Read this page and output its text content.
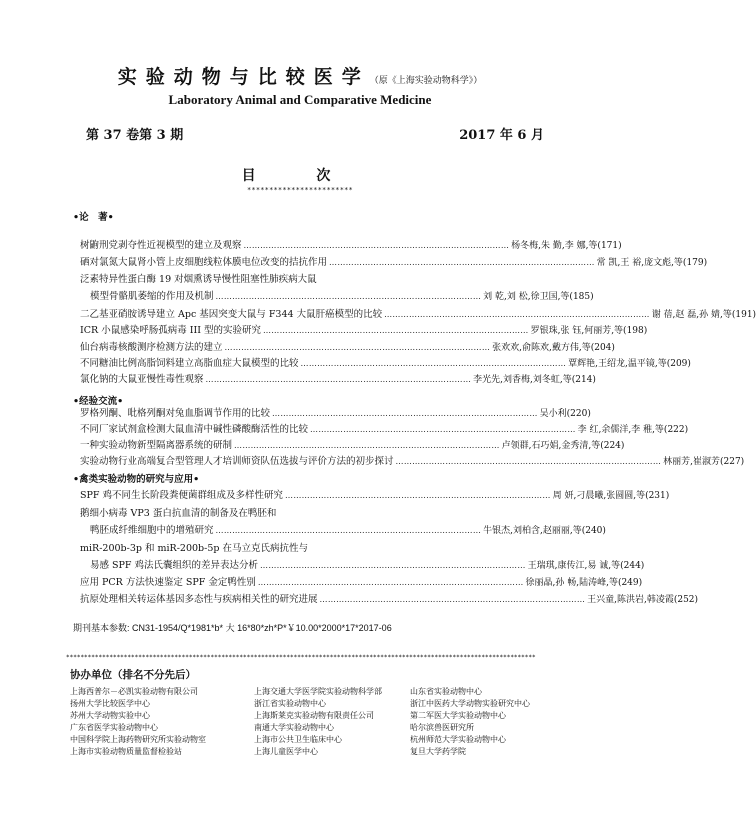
实验动物与比较医学（原《上海实验动物科学》）
Laboratory Animal and Comparative Medicine
第 37 卷第 3 期	2017 年 6 月
目 次
************************
•论　著•
•经验交流•
•禽类实验动物的研究与应用•
树鼩刑党剥夺性近视模型的建立及观察 …………………………………………………………………………………… 杨冬梅,朱 勤,李 娜,等(171)
硒对氯氮大鼠肾小管上皮细胞线粒体膜电位改变的拮抗作用 …………………………………………………………………………………… 常 凯,王 裕,庞文彪,等(179)
泛素特异性蛋白酶 19 对烟熏诱导慢性阻塞性肺疾病大鼠
模型骨骼肌萎缩的作用及机制 …………………………………………………………………………………… 刘 乾,刘 松,徐卫国,等(185)
二乙基亚硝胺诱导建立 Apc 基因突变大鼠与 F344 大鼠肝癌模型的比较 …………………………………………………………………………………… 谢 蓓,赵 磊,孙 婧,等(191)
ICR 小鼠感染呼肠孤病毒 III 型的实验研究 …………………………………………………………………………………… 罗银珠,张 钰,何丽芳,等(198)
仙台病毒核酸测序检测方法的建立 …………………………………………………………………………………… 张欢欢,俞陈欢,戴方伟,等(204)
不同糖油比例高脂饲料建立高脂血症大鼠模型的比较 …………………………………………………………………………………… 覃辉艳,王绍龙,温平镜,等(209)
氯化钠的大鼠亚慢性毒性观察 …………………………………………………………………………………… 李光先,刘香梅,刘冬虹,等(214)
罗格列酮、吡格列酮对兔血脂调节作用的比较 …………………………………………………………………………………… 吴小利(220)
不同厂家试剂盒检测大鼠血清中碱性磷酸酶活性的比较 …………………………………………………………………………………… 李 红,余儒洋,李 稚,等(222)
一种实验动物新型隔离器系统的研制 …………………………………………………………………………………… 卢领群,石巧娟,金秀清,等(224)
实验动物行业高端复合型管理人才培训师资队伍选拔与评价方法的初步探讨 …………………………………………………………………………………… 林丽芳,崔淑芳(227)
SPF 鸡不同生长阶段粪便菌群组成及多样性研究 …………………………………………………………………………………… 周 妍,刁晨曦,张圆圆,等(231)
鹅细小病毒 VP3 蛋白抗血清的制备及在鸭胚和
鸭胚成纤维细胞中的增殖研究 …………………………………………………………………………………… 牛银杰,刘柏含,赵丽丽,等(240)
miR-200b-3p 和 miR-200b-5p 在马立克氏病抗性与
易感 SPF 鸡法氏囊组织的差异表达分析 …………………………………………………………………………………… 王瑞琪,康传江,易 诚,等(244)
应用 PCR 方法快速鉴定 SPF 金定鸭性别 …………………………………………………………………………………… 徐丽晶,孙 畅,陆涛峰,等(249)
抗原处理相关转运体基因多态性与疾病相关性的研究进展 …………………………………………………………………………………… 王兴童,陈洪岩,韩凌霞(252)
期刊基本参数: CN31-1954/Q*1981*b* 大 16*80*zh*P*￥10.00*2000*17*2017-06
**********************************************************************************************************************************
协办单位（排名不分先后）
上海西普尔－必凯实验动物有限公司
扬州大学比较医学中心
苏州大学动物实验中心
广东省医学实验动物中心
中国科学院上海药物研究所实验动物室
上海市实验动物质量监督检验站
上海交通大学医学院实验动物科学部
浙江省实验动物中心
上海斯莱克实验动物有限责任公司
南通大学实验动物中心
上海市公共卫生临床中心
上海儿童医学中心
山东省实验动物中心
浙江中医药大学动物实验研究中心
第二军医大学实验动物中心
哈尔滨兽医研究所
杭州师范大学实验动物中心
复旦大学药学院
